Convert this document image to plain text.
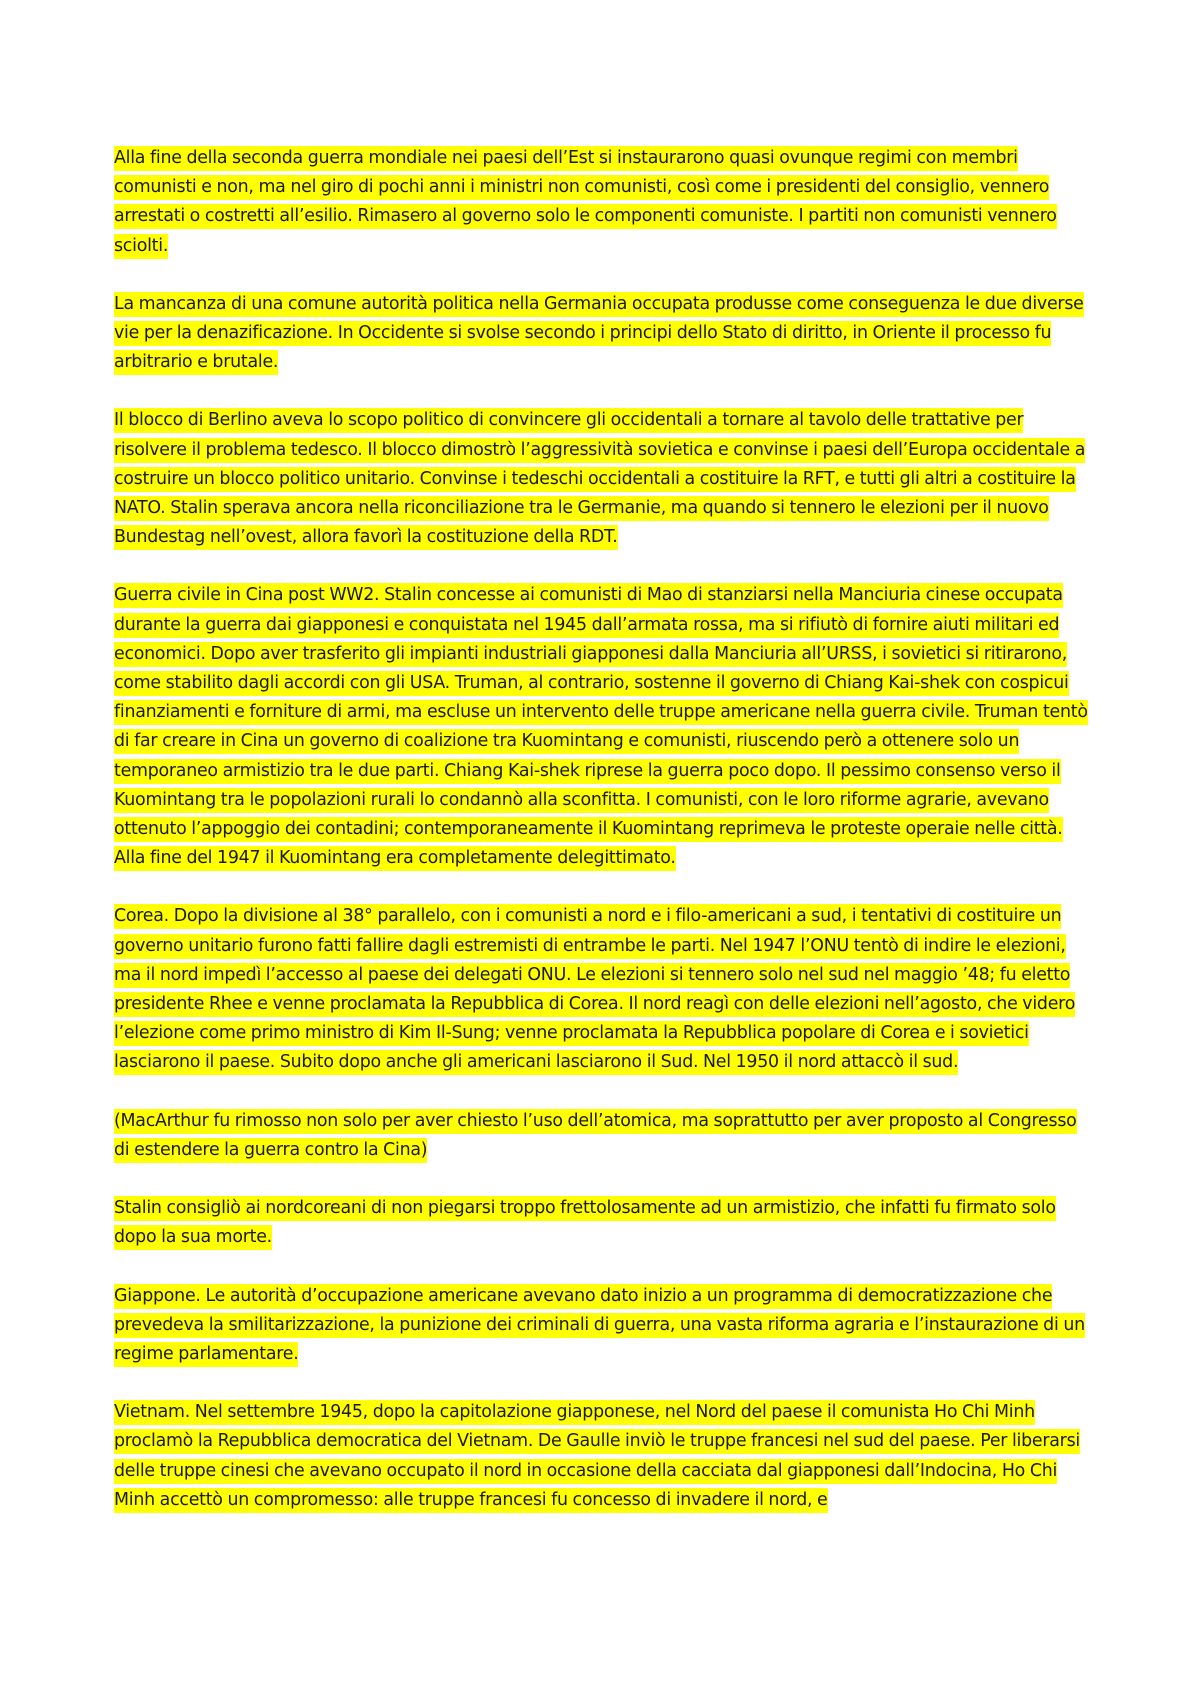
Alla fine della seconda guerra mondiale nei paesi dell’Est si instaurarono quasi ovunque regimi con membri comunisti e non, ma nel giro di pochi anni i ministri non comunisti, così come i presidenti del consiglio, vennero arrestati o costretti all’esilio. Rimasero al governo solo le componenti comuniste. I partiti non comunisti vennero sciolti.

La mancanza di una comune autorità politica nella Germania occupata produsse come conseguenza le due diverse vie per la denazificazione. In Occidente si svolse secondo i principi dello Stato di diritto, in Oriente il processo fu arbitrario e brutale.

Il blocco di Berlino aveva lo scopo politico di convincere gli occidentali a tornare al tavolo delle trattative per risolvere il problema tedesco. Il blocco dimostrò l’aggressività sovietica e convinse i paesi dell’Europa occidentale a costruire un blocco politico unitario. Convinse i tedeschi occidentali a costituire la RFT, e tutti gli altri a costituire la NATO. Stalin sperava ancora nella riconciliazione tra le Germanie, ma quando si tennero le elezioni per il nuovo Bundestag nell’ovest, allora favorì la costituzione della RDT.

Guerra civile in Cina post WW2. Stalin concesse ai comunisti di Mao di stanziarsi nella Manciuria cinese occupata durante la guerra dai giapponesi e conquistata nel 1945 dall’armata rossa, ma si rifiutò di fornire aiuti militari ed economici. Dopo aver trasferito gli impianti industriali giapponesi dalla Manciuria all’URSS, i sovietici si ritirarono, come stabilito dagli accordi con gli USA. Truman, al contrario, sostenne il governo di Chiang Kai-shek con cospicui finanziamenti e forniture di armi, ma escluse un intervento delle truppe americane nella guerra civile. Truman tentò di far creare in Cina un governo di coalizione tra Kuomintang e comunisti, riuscendo però a ottenere solo un temporaneo armistizio tra le due parti. Chiang Kai-shek riprese la guerra poco dopo. Il pessimo consenso verso il Kuomintang tra le popolazioni rurali lo condannò alla sconfitta. I comunisti, con le loro riforme agrarie, avevano ottenuto l’appoggio dei contadini; contemporaneamente il Kuomintang reprimeva le proteste operaie nelle città. Alla fine del 1947 il Kuomintang era completamente delegittimato.

Corea. Dopo la divisione al 38° parallelo, con i comunisti a nord e i filo-americani a sud, i tentativi di costituire un governo unitario furono fatti fallire dagli estremisti di entrambe le parti. Nel 1947 l’ONU tentò di indire le elezioni, ma il nord impedì l’accesso al paese dei delegati ONU. Le elezioni si tennero solo nel sud nel maggio ’48; fu eletto presidente Rhee e venne proclamata la Repubblica di Corea. Il nord reagì con delle elezioni nell’agosto, che videro l’elezione come primo ministro di Kim Il-Sung; venne proclamata la Repubblica popolare di Corea e i sovietici lasciarono il paese. Subito dopo anche gli americani lasciarono il Sud. Nel 1950 il nord attaccò il sud.

(MacArthur fu rimosso non solo per aver chiesto l’uso dell’atomica, ma soprattutto per aver proposto al Congresso di estendere la guerra contro la Cina)

Stalin consigliò ai nordcoreani di non piegarsi troppo frettolosamente ad un armistizio, che infatti fu firmato solo dopo la sua morte.

Giappone. Le autorità d’occupazione americane avevano dato inizio a un programma di democratizzazione che prevedeva la smilitarizzazione, la punizione dei criminali di guerra, una vasta riforma agraria e l’instaurazione di un regime parlamentare.

Vietnam. Nel settembre 1945, dopo la capitolazione giapponese, nel Nord del paese il comunista Ho Chi Minh proclamò la Repubblica democratica del Vietnam. De Gaulle inviò le truppe francesi nel sud del paese. Per liberarsi delle truppe cinesi che avevano occupato il nord in occasione della cacciata dal giapponesi dall’Indocina, Ho Chi Minh accettò un compromesso: alle truppe francesi fu concesso di invadere il nord, e
